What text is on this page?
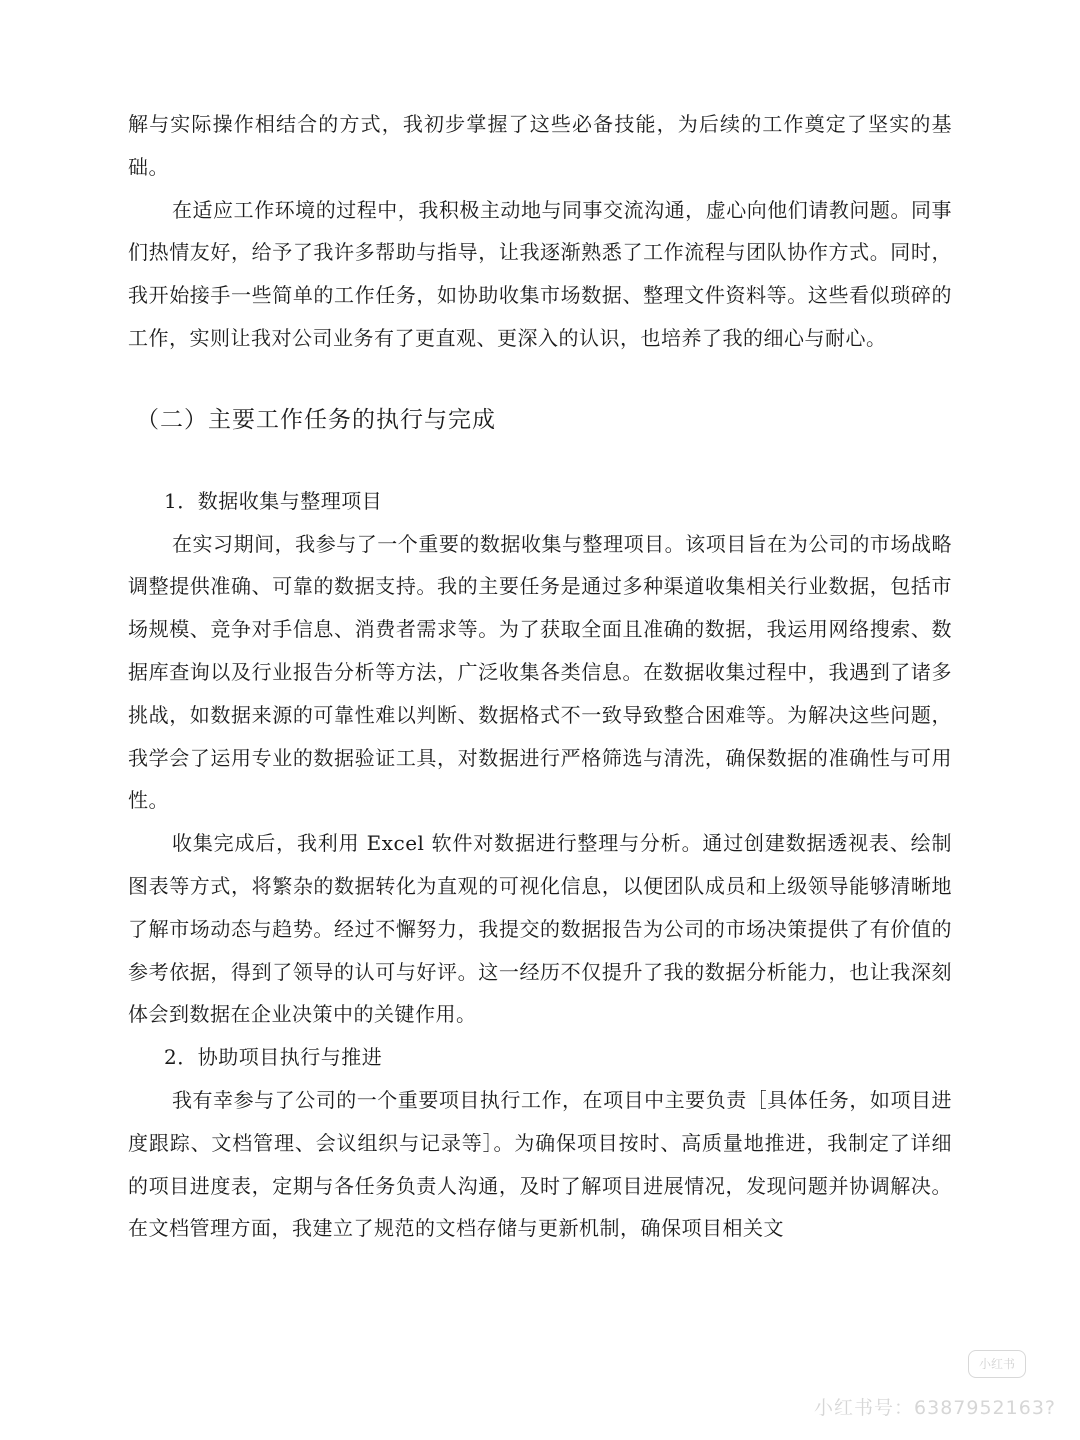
解与实际操作相结合的方式，我初步掌握了这些必备技能，为后续的工作奠定了坚实的基础。

在适应工作环境的过程中，我积极主动地与同事交流沟通，虚心向他们请教问题。同事们热情友好，给予了我许多帮助与指导，让我逐渐熟悉了工作流程与团队协作方式。同时，我开始接手一些简单的工作任务，如协助收集市场数据、整理文件资料等。这些看似琐碎的工作，实则让我对公司业务有了更直观、更深入的认识，也培养了我的细心与耐心。

（二）主要工作任务的执行与完成

1．数据收集与整理项目

在实习期间，我参与了一个重要的数据收集与整理项目。该项目旨在为公司的市场战略调整提供准确、可靠的数据支持。我的主要任务是通过多种渠道收集相关行业数据，包括市场规模、竞争对手信息、消费者需求等。为了获取全面且准确的数据，我运用网络搜索、数据库查询以及行业报告分析等方法，广泛收集各类信息。在数据收集过程中，我遇到了诸多挑战，如数据来源的可靠性难以判断、数据格式不一致导致整合困难等。为解决这些问题，我学会了运用专业的数据验证工具，对数据进行严格筛选与清洗，确保数据的准确性与可用性。

收集完成后，我利用 Excel 软件对数据进行整理与分析。通过创建数据透视表、绘制图表等方式，将繁杂的数据转化为直观的可视化信息，以便团队成员和上级领导能够清晰地了解市场动态与趋势。经过不懈努力，我提交的数据报告为公司的市场决策提供了有价值的参考依据，得到了领导的认可与好评。这一经历不仅提升了我的数据分析能力，也让我深刻体会到数据在企业决策中的关键作用。

2．协助项目执行与推进

我有幸参与了公司的一个重要项目执行工作，在项目中主要负责［具体任务，如项目进度跟踪、文档管理、会议组织与记录等］。为确保项目按时、高质量地推进，我制定了详细的项目进度表，定期与各任务负责人沟通，及时了解项目进展情况，发现问题并协调解决。在文档管理方面，我建立了规范的文档存储与更新机制，确保项目相关文

小红书
小红书号：6387952163?
